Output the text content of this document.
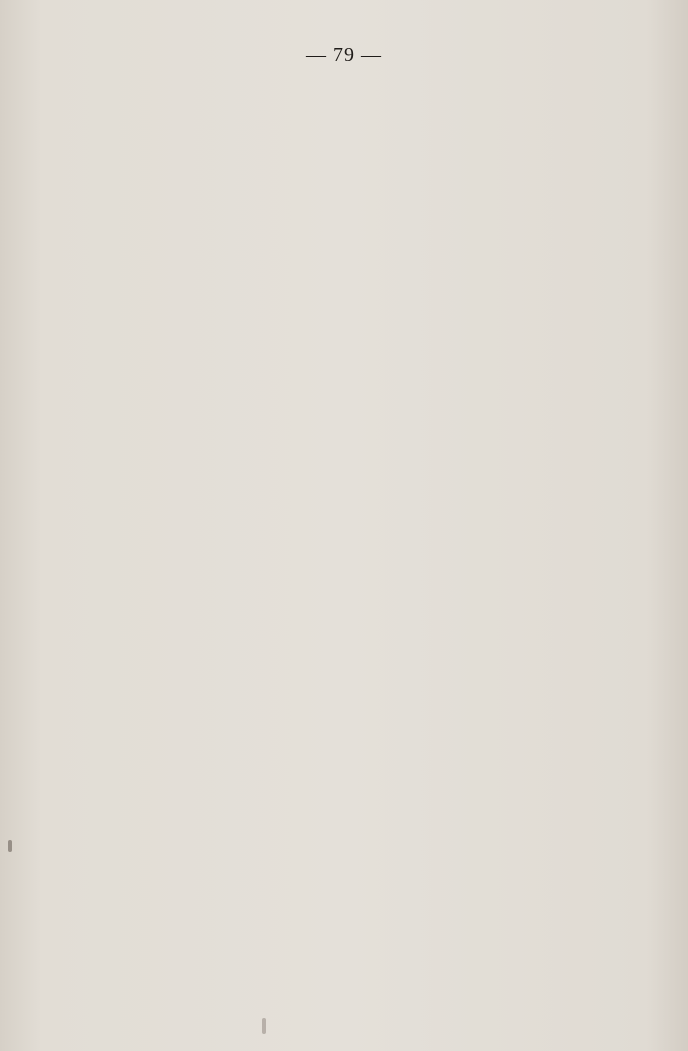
— 79 —
